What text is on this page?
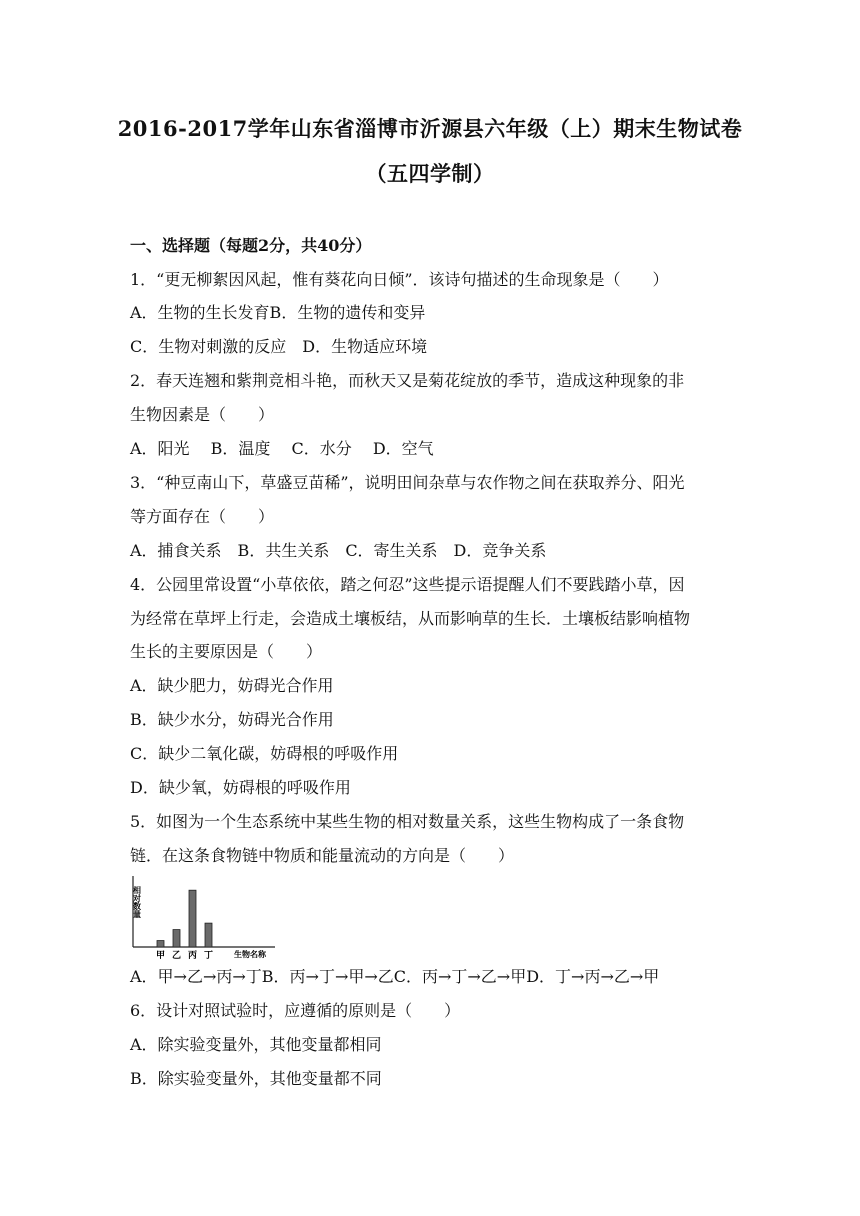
2016-2017学年山东省淄博市沂源县六年级（上）期末生物试卷
（五四学制）
一、选择题（每题2分，共40分）
1．“更无柳絮因风起，惟有葵花向日倾”．该诗句描述的生命现象是（　　）
A．生物的生长发育B．生物的遗传和变异
C．生物对刺激的反应　D．生物适应环境
2．春天连翘和紫荆竞相斗艳，而秋天又是菊花绽放的季节，造成这种现象的非
生物因素是（　　）
A．阳光　 B．温度　 C．水分　 D．空气
3．“种豆南山下，草盛豆苗稀”，说明田间杂草与农作物之间在获取养分、阳光
等方面存在（　　）
A．捕食关系　B．共生关系　C．寄生关系　D．竞争关系
4．公园里常设置“小草依依，踏之何忍”这些提示语提醒人们不要践踏小草，因
为经常在草坪上行走，会造成土壤板结，从而影响草的生长．土壤板结影响植物
生长的主要原因是（　　）
A．缺少肥力，妨碍光合作用
B．缺少水分，妨碍光合作用
C．缺少二氧化碳，妨碍根的呼吸作用
D．缺少氧，妨碍根的呼吸作用
5．如图为一个生态系统中某些生物的相对数量关系，这些生物构成了一条食物
链．在这条食物链中物质和能量流动的方向是（　　）
相对数量
生物名称
甲 乙 丙 丁
A．甲→乙→丙→丁B．丙→丁→甲→乙C．丙→丁→乙→甲D．丁→丙→乙→甲
6．设计对照试验时，应遵循的原则是（　　）
A．除实验变量外，其他变量都相同
B．除实验变量外，其他变量都不同
